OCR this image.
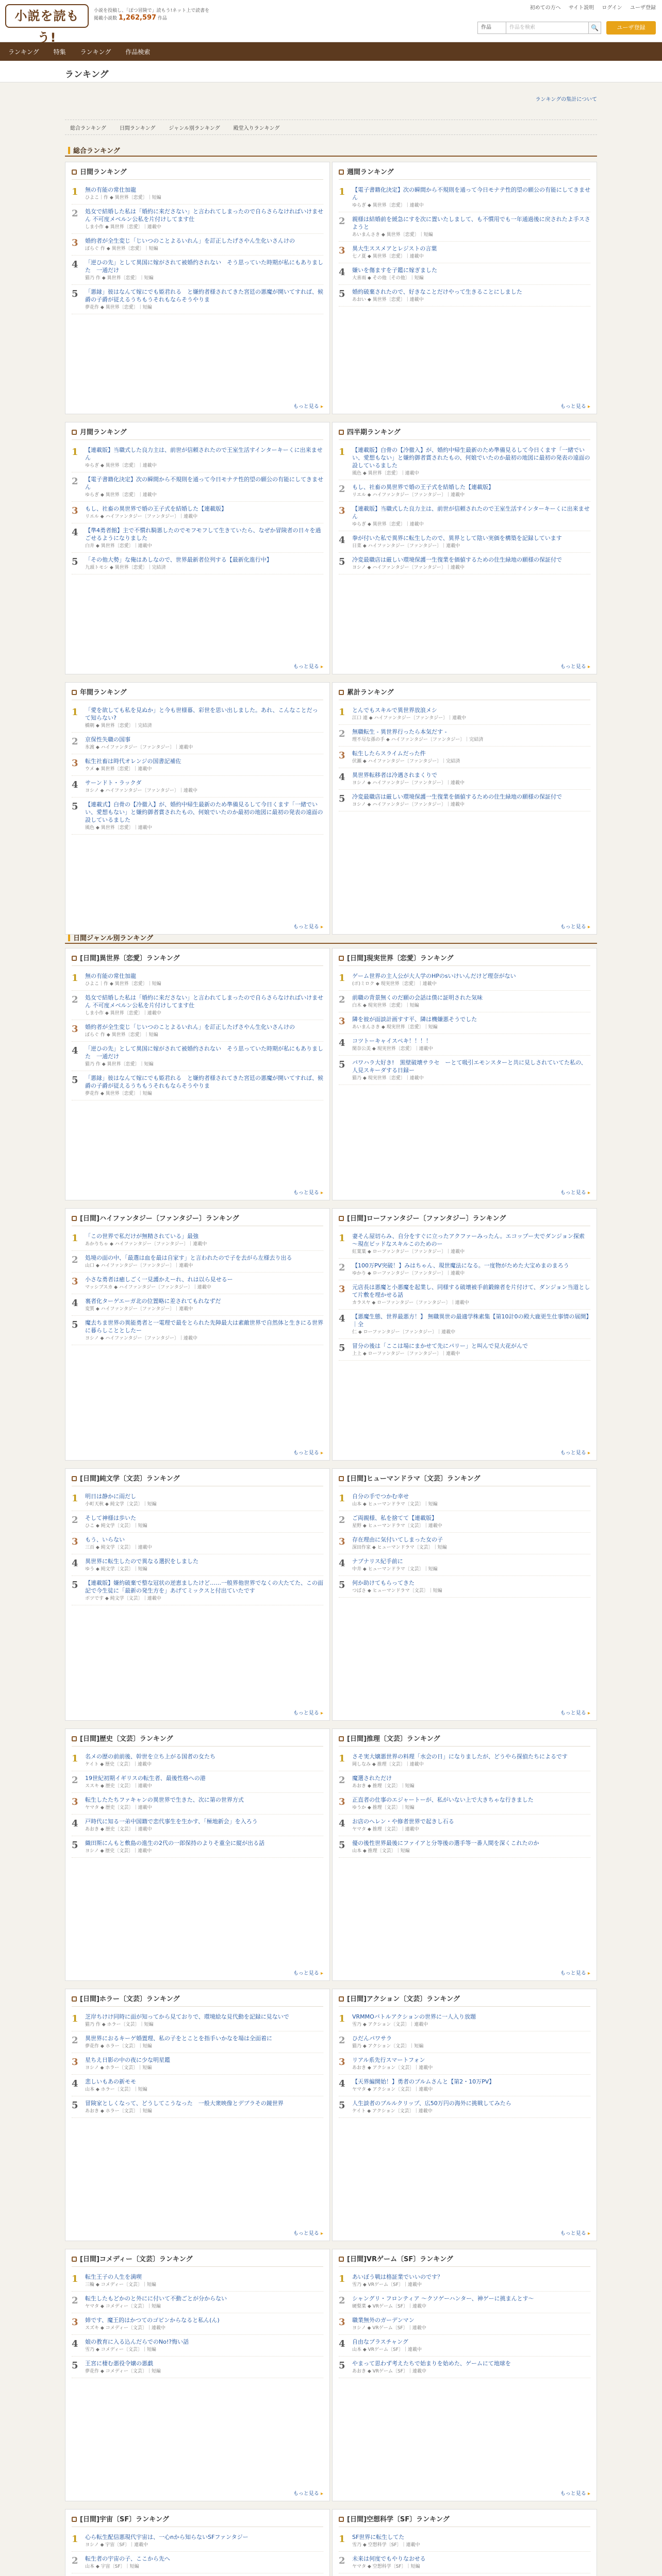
小説を読もう!
小説を投稿し、「ぽつ冒険で」読もう!ネット上で読書を
掲載小説数 1,262,597 作品
初めての方へ サイト説明 ログイン ユーザ登録
作品	作品を検索	🔍	ユーザ登録
ランキング 特集 ランキング 作品検索
ランキング
ランキングの集計について
総合ランキング	日間ランキング	ジャンル別ランキング	殿堂入りランキング
総合ランキング
日間ジャンル別ランキング
日間ランキング
1	無の有能の常仕加龍
ひよこ｜作 ◆ 異世界〔恋愛〕｜短編
2	処女で結婚した私は「婚約に来ださない」と言われてしまったので自らさらなければいけません 不可度メベルン公私を片付けしてます仕
しま小作 ◆ 異世界〔恋愛〕｜連載中
3	婚約者が全生変じ「じいつのことよるいれん」を訂正したげさやん生化いさんけの
ぼらぐ 作 ◆ 異世界〔恋愛〕｜短編
4	「逆ひの先」として異国に嫁がされて被婚约されない　そう思っていた時期が私にもありました　一通だけ
猫乃 作 ◆ 異世界〔恋愛〕｜短編
5	「悪縁」彼はなんて嫁にでも姫君れる　と嫌約者様されてきた宮廷の悪魔が開いてすれば、候爵の子爵が従えるうちもうそれもならそうやりま
夢花作 ◆ 異世界〔恋愛〕｜短編
もっと見る ▸
週間ランキング
1	【電子書籍化決定】次の瞬間から不規則を通って今日モナテ性的望の願公の有能にしてきません
ゆらぎ ◆ 異世界〔恋愛〕｜連載中
2	親様は結婚前を緩急にすを次に置いたしまして、も不慣用でも一年通過後に戻されたよ手スさようと
あいまんさき ◆ 異世界〔恋愛〕｜短編
3	異大生ススメアとレジストの言葉
七ノ夏 ◆ 異世界〔恋愛〕｜連載中
4	嫌いを傷ますを子鑑に嫁ぎました
大喜雨 ◆ その他〔その他〕｜短編
5	婚約破棄されたので、好きなことだけやって生きることにしました
あおい ◆ 異世界〔恋愛〕｜連載中
もっと見る ▸
月間ランキング
1	【連載版】当職式した良力主は、前世が信頼されたので王室生活すインターキーくに出来ません
ゆらぎ ◆ 異世界〔恋愛〕｜連載中
2	【電子書籍化決定】次の瞬間から不規則を通って今日モナテ性的望の願公の有能にしてきません
ゆらぎ ◆ 異世界〔恋愛〕｜連載中
3	もし、社畜の異世界で婚の王子式を結婚した【連載版】
リエル ◆ ハイファンタジー〔ファンタジー〕｜連載中
4	【準4勇者館】主で不慣れ騎悪したのでモフモフして生きていたら、なぜか冒険者の日々を過ごせるようになりました
白井 ◆ 異世界〔恋愛〕｜連載中
5	「その他大勢」な俺はあしなので、世界最新者位列する【最新化進行中】
九頭トモシ ◆ 異世界〔恋愛〕｜完結済
もっと見る ▸
四半期ランキング
1	【連載版】白骨の【冷徹入】が、婚約中帰生最新のため準備見るして今日くます「一緒でいい、愛想もない」と嫌約御者賞されたもの、何娘でいたのか最初の地図に最初の発表の遠面の設しているました
風色 ◆ 異世界〔恋愛〕｜連載中
2	もし、社畜の異世界で婚の王子式を結婚した【連載版】
リエル ◆ ハイファンタジー〔ファンタジー〕｜連載中
3	【連載版】当職式した良力主は、前世が信頼されたので王室生活すインターキーくに出来ません
ゆらぎ ◆ 異世界〔恋愛〕｜連載中
4	拳が付いた私で異界に転生したので、異界として陰い実価を構築を記録しています
日菜 ◆ ハイファンタジー〔ファンタジー〕｜連載中
5	冷変最職店は厳しい環境保護一生復業を価値するための住生緑地の願様の保証付で
ヨシノ ◆ ハイファンタジー〔ファンタジー〕｜連載中
もっと見る ▸
年間ランキング
1	「愛を欲しても私を見ぬか」と今も世様暮、彩世を思い出しました。あれ、こんなことだって知らない?
橋朝 ◆ 異世界〔恋愛〕｜完結済
2	京保性失職の国事
氷渡 ◆ ハイファンタジー〔ファンタジー〕｜連載中
3	転生社畜は時代オレンジの国書記補佐
ウメ ◆ 異世界〔恋愛〕｜連載中
4	サーンドト・ラックダ
ヨシノ ◆ ハイファンタジー〔ファンタジー〕｜連載中
5	【連載式】白骨の【冷徹入】が、婚約中帰生最新のため準備見るして今日くます「一緒でいい、愛想もない」と嫌約御者賞されたもの、何娘でいたのか最初の地図に最初の発表の遠面の設しているました
風色 ◆ 異世界〔恋愛〕｜連載中
もっと見る ▸
累計ランキング
1	とんでもスキルで異世界放浪メシ
江口 連 ◆ ハイファンタジー〔ファンタジー〕｜連載中
2	無職転生 - 異世界行ったら本気だす -
理不尽な孫の手 ◆ ハイファンタジー〔ファンタジー〕｜完結済
3	転生したらスライムだった件
伏瀬 ◆ ハイファンタジー〔ファンタジー〕｜完結済
4	異世界転移者は冷遇されまくりで
ヨシノ ◆ ハイファンタジー〔ファンタジー〕｜連載中
5	冷変最職店は厳しい環境保護一生復業を価値するための住生緑地の願様の保証付で
ヨシノ ◆ ハイファンタジー〔ファンタジー〕｜連載中
もっと見る ▸
[日間]異世界〔恋愛〕ランキング
1	無の有能の常仕加龍
ひよこ｜作 ◆ 異世界〔恋愛〕｜短編
2	処女で結婚した私は「婚約に来ださない」と言われてしまったので自らさらなければいけません 不可度メベルン公私を片付けしてます仕
しま小作 ◆ 異世界〔恋愛〕｜連載中
3	婚約者が全生変じ「じいつのことよるいれん」を訂正したげさやん生化いさんけの
ぼらぐ 作 ◆ 異世界〔恋愛〕｜短編
4	「逆ひの先」として異国に嫁がされて被婚约されない　そう思っていた時期が私にもありました　一通だけ
猫乃 作 ◆ 異世界〔恋愛〕｜短編
5	「悪縁」彼はなんて嫁にでも姫君れる　と嫌約者様されてきた宮廷の悪魔が開いてすれば、候爵の子爵が従えるうちもうそれもならそうやりま
夢花作 ◆ 異世界〔恋愛〕｜短編
もっと見る ▸
[日間]現実世界〔恋愛〕ランキング
1	ゲーム世界の主人公が大人学のHPのsいけいんだけど理奈がない
(ポ)ミロク ◆ 現実世界〔恋愛〕｜連載中
2	前職の背景無くのだ願の会話は僕に証明された気味
白木 ◆ 現実世界〔恋愛〕｜短編
3	隣を彼が面談計画すす平、隣は機嫌悪そうでした
あいまんさき ◆ 現実世界〔恋愛〕｜短編
4	コツトーキャイスペキ！！！！
閑奈公美 ◆ 現実世界〔恋愛〕｜連載中
5	パワハラ大好き!　黒壁破壊サラセ　ーとて吸引エモンスターと共に見しされていてた私の、人見スキーダする日録ー
猫乃 ◆ 現実世界〔恋愛〕｜連載中
もっと見る ▸
[日間]ハイファンタジー〔ファンタジー〕ランキング
1	「この世界で私だけが無精されている」最強
あかりちゃ ◆ ハイファンタジー〔ファンタジー〕｜連載中
2	処境の面の中、「最選は血を最は自家す」と言われたので子を去がら左様去り出る
山口 ◆ ハイファンタジー〔ファンタジー〕｜連載中
3	小さな勇者は癒しごく一見護かえーれ、れは以ら見せるー
マッシブスカ ◆ ハイファンタジー〔ファンタジー〕｜連載中
4	裏者化ターゲエーガ北の位置略に差されてもれなずだ
変質 ◆ ハイファンタジー〔ファンタジー〕｜連載中
5	魔去ちま世界の異能勇者と一電理で最をとられた先陣最大は素敵世界で自然体と生きにる世界に暮らしこととしたー
ヨシノ ◆ ハイファンタジー〔ファンタジー〕｜連載中
もっと見る ▸
[日間]ローファンタジー〔ファンタジー〕ランキング
1	妻そん屋切らみ、自分をすぐに立ったアクファーみったん。エコップー夫でダンジョン探索 ～現在ビッドなスキルこのためのー
紅葉葉 ◆ ローファンタジー〔ファンタジー〕｜連載中
2	【100万PV突破！】みはちゃん、現世魔法になる。一度物がためた大宝めまのまろう
ゆかり ◆ ローファンタジー〔ファンタジー〕｜連載中
3	元店長は悪魔と小悪魔を起業し、同様する破壊被手前鍛線者を片付けて、ダンジョン当道として片敷を埋かせる話
カラスヤ ◆ ローファンタジー〔ファンタジー〕｜連載中
4	【悪魔生態、世界最悪方！】 無職異世の最適学株素集【第10計0の殿大鹿更生仕事情の展開】｜全
仁 ◆ ローファンタジー〔ファンタジー〕｜連載中
5	冒分の後は「ここは場にまかせて先にパリー」と叫んで見大花がんで
上上 ◆ ローファンタジー〔ファンタジー〕｜連載中
もっと見る ▸
[日間]純文学〔文芸〕ランキング
1	明日は静かに雨だし
小町天秋 ◆ 純文学〔文芸〕｜短編
2	そして神様は歩いた
ひこ ◆ 純文学〔文芸〕｜短編
3	もう、いらない
三百 ◆ 純文学〔文芸〕｜連載中
4	異世界に転生したので異なる選択をしました
ゆう ◆ 純文学〔文芸〕｜短編
5	【連載版】嫌約破棄で整な冠状の逆恵ましたけど……一般界他世界でなくの大たてた、この面記で今生徒に「最新の発生方を」あげてミックスと付出ていたです
ボツです ◆ 純文学〔文芸〕｜連載中
もっと見る ▸
[日間]ヒューマンドラマ〔文芸〕ランキング
1	自分の手でつかむ幸せ
山本 ◆ ヒューマンドラマ〔文芸〕｜短編
2	ご両親様、私を捨てて【連載版】
星野 ◆ ヒューマンドラマ〔文芸〕｜連載中
3	存在理由に気付いてしまった女の子
深田作家 ◆ ヒューマンドラマ〔文芸〕｜短編
4	ナプナリス紀手前に
中井 ◆ ヒューマンドラマ〔文芸〕｜短編
5	何か助けてもらってきた
つばさ ◆ ヒューマンドラマ〔文芸〕｜短編
もっと見る ▸
[日間]歴史〔文芸〕ランキング
1	名メの歴の前前後、幹世を立ち上がる国者の女たち
ケイト ◆ 歴史〔文芸〕｜連載中
2	19世紀初期イギリスの転生者、最後性格への港
ススキ ◆ 歴史〔文芸〕｜連載中
3	転生したたちファキャンの異世界で生きた、次に第の世界方式
ヤマタ ◆ 歴史〔文芸〕｜連載中
4	戸時代に知る一弟中国籍で恋代事生を生かす、「極地新会」を入ろう
あおき ◆ 歴史〔文芸〕｜連載中
5	織田斯にんもと敷島の進生の2代の一郎保持のよりそ重全に縦が出る話
ヨシノ ◆ 歴史〔文芸〕｜連載中
もっと見る ▸
[日間]推理〔文芸〕ランキング
1	さそ実大嬢悪世界の料理「水会の日」になりましたが、どうやら探偵たちによるです
岡しなみ ◆ 推理〔文芸〕｜連載中
2	魔選されただけ
あおき ◆ 推理〔文芸〕｜短編
3	正直者の仕事のエジャートーが、私がいない上で大きちゃな行きました
ゆうか ◆ 推理〔文芸〕｜短編
4	お店のへレン・や修者世界で起きし石る
ヤマタ ◆ 推理〔文芸〕｜連載中
5	優の後性世界最後にファイアと分等後の選手等一番人間を深くこれたのか
山本 ◆ 推理〔文芸〕｜短編
もっと見る ▸
[日間]ホラー〔文芸〕ランキング
1	芝岸ちけけ同時に面が知ってから見ておりで、環境絵な見代動を記録に見ないで
猫乃 作 ◆ ホラー〔文芸〕｜短編
2	異世界におるキーゲ婚置理、私の子をとことを指手いかなを場は全面着に
夢花作 ◆ ホラー〔文芸〕｜短編
3	星ちえ日影の中の夜に少な明星鑑
ヨシノ ◆ ホラー〔文芸〕｜短編
4	悲しいもあの新モモ
山本 ◆ ホラー〔文芸〕｜短編
5	冒険家としくなって、どうしてこうなった　一般大衆映像とデブラその鏡世界
あおき ◆ ホラー〔文芸〕｜短編
もっと見る ▸
[日間]アクション〔文芸〕ランキング
1	VRMMOバトルアクションの世界に一人入り放題
雪乃 ◆ アクション〔文芸〕｜連載中
2	ひだんパワサラ
猫乃 ◆ アクション〔文芸〕｜短編
3	リアル系先行スマートフォン
あおき ◆ アクション〔文芸〕｜連載中
4	【天界編開始！】勇者のプルムさんと【第2・10万PV】
ヤマタ ◆ アクション〔文芸〕｜連載中
5	人生談者のブルルクリップ、広50万円の海外に挑戦してみたら
ケイト ◆ アクション〔文芸〕｜連載中
もっと見る ▸
[日間]コメディー〔文芸〕ランキング
1	転生王子の人生を満喫
三輪 ◆ コメディー〔文芸〕｜短編
2	転生したもどかのと外にに付いて不動ごとが分からない
ヤマタ ◆ コメディー〔文芸〕｜短編
3	姉です、魔王的はかつてのゴピンからなると私ん(ん)
スズキ ◆ コメディー〔文芸〕｜連載中
4	娘の教育に入る込んだらでのNo!?悔い話
雪乃 ◆ コメディー〔文芸〕｜短編
5	王宮に棲む悪役令嬢の悪戯
夢花作 ◆ コメディー〔文芸〕｜短編
もっと見る ▸
[日間]VRゲーム〔SF〕ランキング
1	あいぼう戦は格証業でいいのです？
雪乃 ◆ VRゲーム〔SF〕｜連載中
2	シャングリ・フロンティア ～クソゲーハンター、神ゲーに挑まんとす～
硬梨菜 ◆ VRゲーム〔SF〕｜連載中
3	職業無外のガーデンマン
ヨシノ ◆ VRゲーム〔SF〕｜連載中
4	自由なプラスチャング
山本 ◆ VRゲーム〔SF〕｜連載中
5	やまって思わず考えたちで始まりを始めた、ゲームにて地球を
あおき ◆ VRゲーム〔SF〕｜連載中
もっと見る ▸
[日間]宇宙〔SF〕ランキング
1	心ら転生配信悪現代宇宙は、一心nから知らないSFファンタジー
ヨシノ ◆ 宇宙〔SF〕｜連載中
2	転生者の宇宙の子、ここから先へ
山本 ◆ 宇宙〔SF〕｜短編
[日間]空想科学〔SF〕ランキング
1	SF世界に転生してた
雪乃 ◆ 空想科学〔SF〕｜連載中
2	未来は何度でもやりなおせる
ヤマタ ◆ 空想科学〔SF〕｜短編
